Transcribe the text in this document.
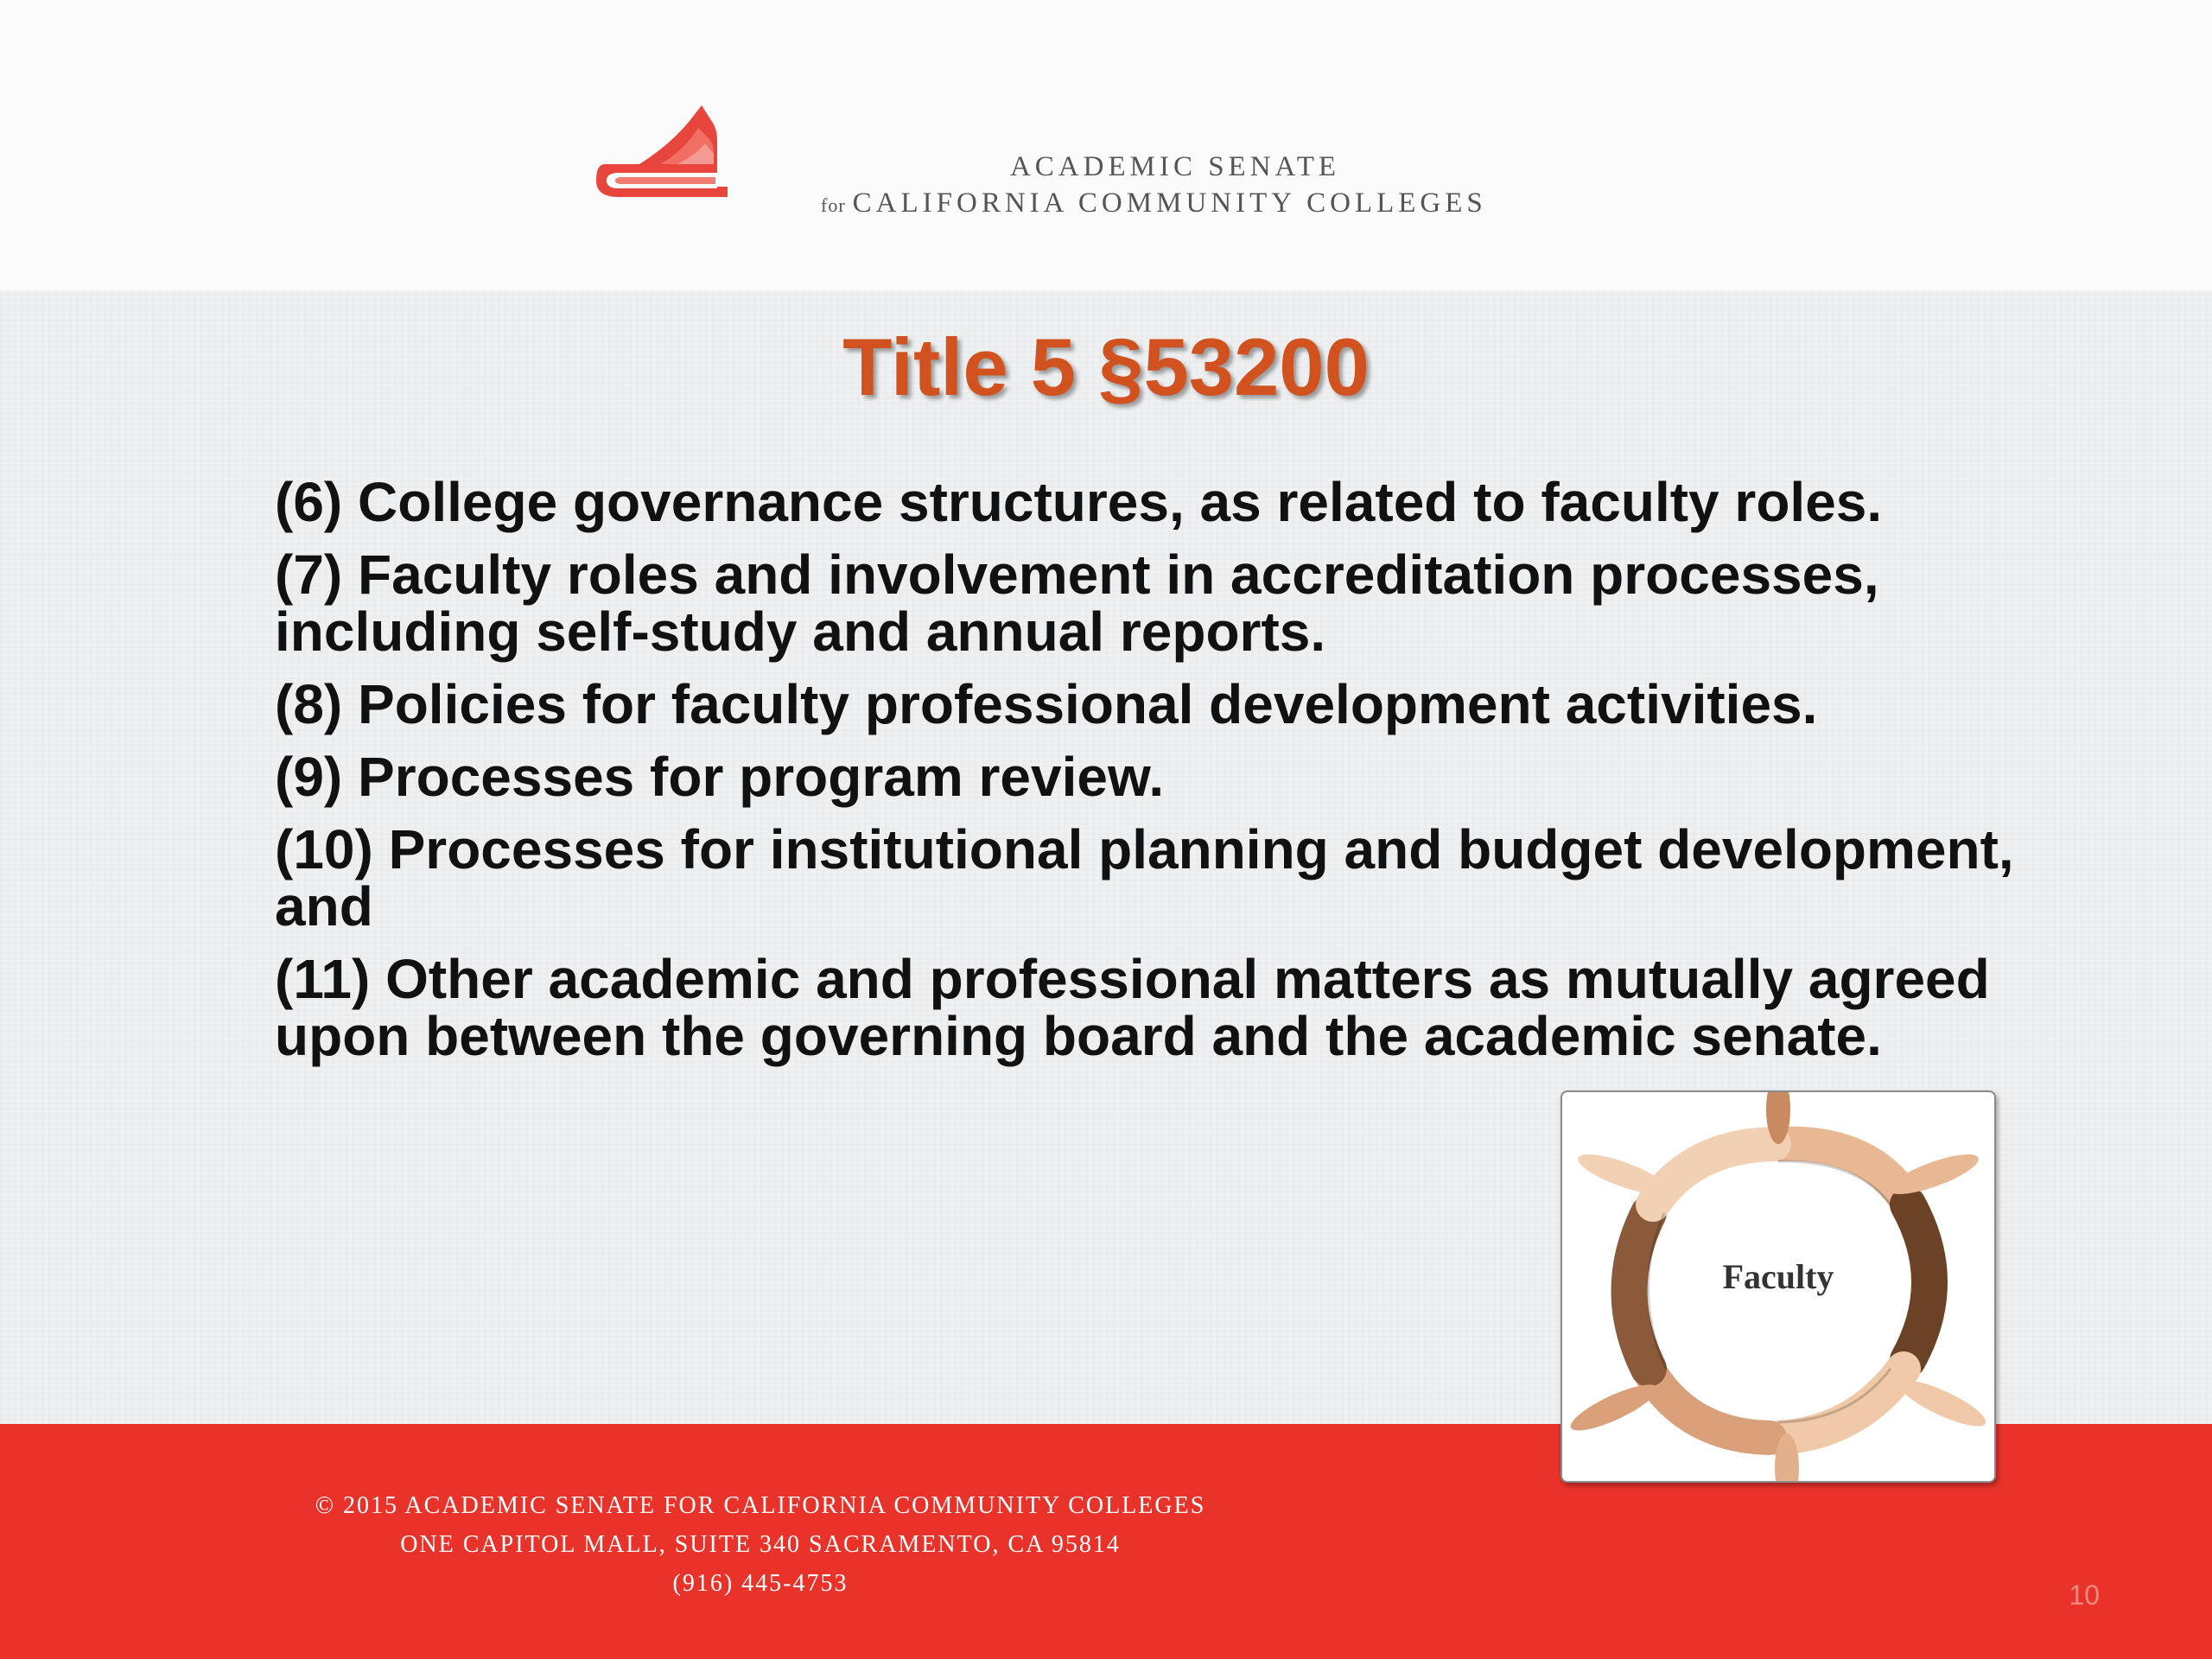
ACADEMIC SENATE
for CALIFORNIA COMMUNITY COLLEGES
Title 5 §53200
(6) College governance structures, as related to faculty roles.
(7) Faculty roles and involvement in accreditation processes, including self-study and annual reports.
(8) Policies for faculty professional development activities.
(9) Processes for program review.
(10) Processes for institutional planning and budget development, and
(11) Other academic and professional matters as mutually agreed upon between the governing board and the academic senate.
© 2015 ACADEMIC SENATE FOR CALIFORNIA COMMUNITY COLLEGES
ONE CAPITOL MALL, SUITE 340 SACRAMENTO, CA 95814
(916) 445-4753	10
Faculty
